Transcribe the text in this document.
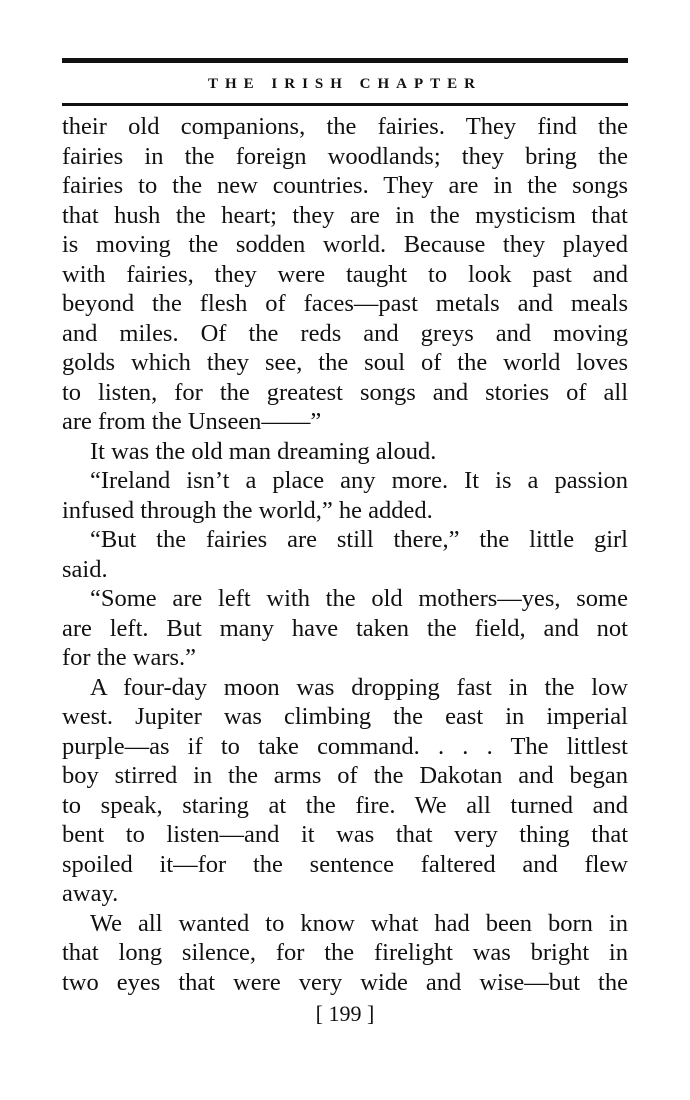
THE IRISH CHAPTER
their old companions, the fairies. They find the
fairies in the foreign woodlands; they bring the
fairies to the new countries. They are in the songs
that hush the heart; they are in the mysticism that
is moving the sodden world. Because they played
with fairies, they were taught to look past and
beyond the flesh of faces—past metals and meals
and miles. Of the reds and greys and moving
golds which they see, the soul of the world loves
to listen, for the greatest songs and stories of all
are from the Unseen——”
It was the old man dreaming aloud.
“Ireland isn’t a place any more. It is a passion
infused through the world,” he added.
“But the fairies are still there,” the little girl
said.
“Some are left with the old mothers—yes, some
are left. But many have taken the field, and not
for the wars.”
A four-day moon was dropping fast in the low
west. Jupiter was climbing the east in imperial
purple—as if to take command. . . . The littlest
boy stirred in the arms of the Dakotan and began
to speak, staring at the fire. We all turned and
bent to listen—and it was that very thing that
spoiled it—for the sentence faltered and flew
away.
We all wanted to know what had been born in
that long silence, for the firelight was bright in
two eyes that were very wide and wise—but the
[ 199 ]
